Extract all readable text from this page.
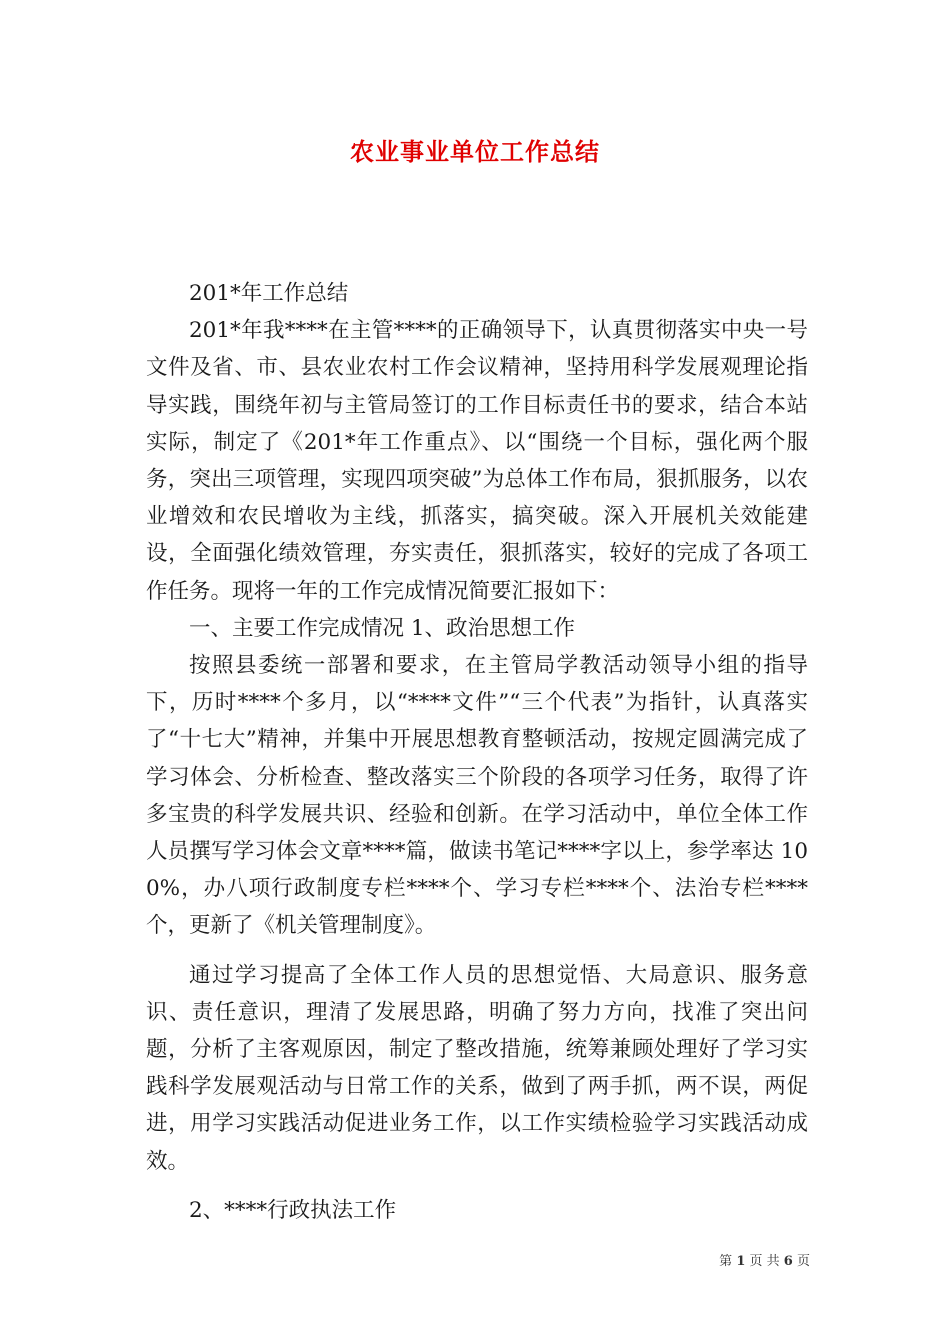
农业事业单位工作总结

201*年工作总结

201*年我****在主管****的正确领导下，认真贯彻落实中央一号文件及省、市、县农业农村工作会议精神，坚持用科学发展观理论指导实践，围绕年初与主管局签订的工作目标责任书的要求，结合本站实际，制定了《201*年工作重点》、以“围绕一个目标，强化两个服务，突出三项管理，实现四项突破”为总体工作布局，狠抓服务，以农业增效和农民增收为主线，抓落实，搞突破。深入开展机关效能建设，全面强化绩效管理，夯实责任，狠抓落实，较好的完成了各项工作任务。现将一年的工作完成情况简要汇报如下：

一、主要工作完成情况 1、政治思想工作

按照县委统一部署和要求，在主管局学教活动领导小组的指导下，历时****个多月，以“****文件”“三个代表”为指针，认真落实了“十七大”精神，并集中开展思想教育整顿活动，按规定圆满完成了学习体会、分析检查、整改落实三个阶段的各项学习任务，取得了许多宝贵的科学发展共识、经验和创新。在学习活动中，单位全体工作人员撰写学习体会文章****篇，做读书笔记****字以上，参学率达 100%，办八项行政制度专栏****个、学习专栏****个、法治专栏****个，更新了《机关管理制度》。

通过学习提高了全体工作人员的思想觉悟、大局意识、服务意识、责任意识，理清了发展思路，明确了努力方向，找准了突出问题，分析了主客观原因，制定了整改措施，统筹兼顾处理好了学习实践科学发展观活动与日常工作的关系，做到了两手抓，两不误，两促进，用学习实践活动促进业务工作，以工作实绩检验学习实践活动成效。

2、****行政执法工作

第 1 页 共 6 页
